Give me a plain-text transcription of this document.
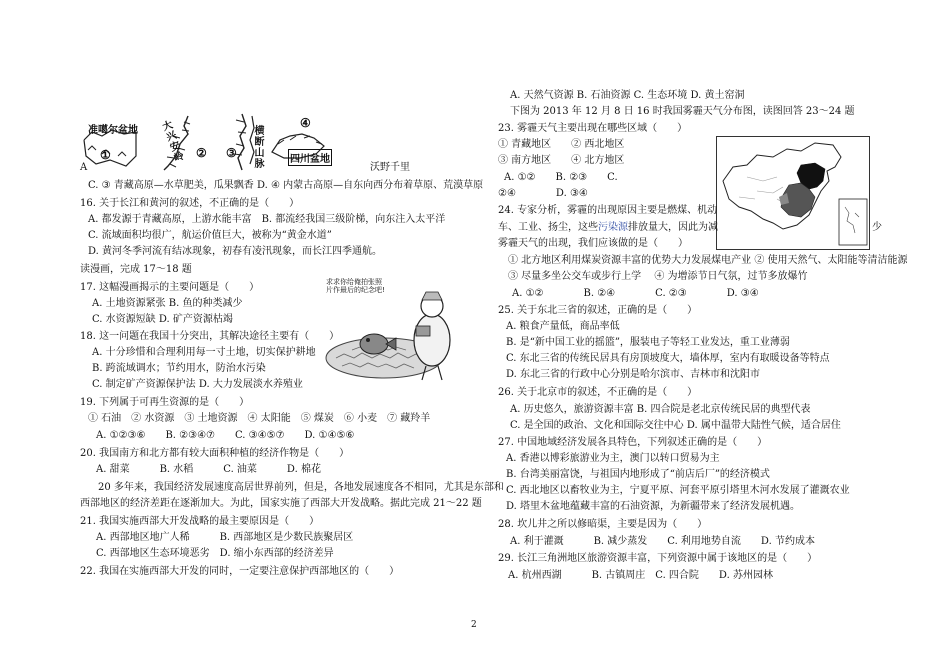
准噶尔盆地
①
大兴安岭 ② ③
横断山脉
④
四川盆地
A	沃野千里
C. ③ 青藏高原—水草肥美，瓜果飘香 D. ④ 内蒙古高原—自东向西分布着草原、荒漠草原
16. 关于长江和黄河的叙述，不正确的是（　　）
A. 都发源于青藏高原，上游水能丰富　B. 都流经我国三级阶梯，向东注入太平洋
C. 流域面积均很广，航运价值巨大，被称为“黄金水道”
D. 黄河冬季河流有结冰现象，初春有凌汛现象，而长江四季通航。
读漫画，完成 17～18 题
17. 这幅漫画揭示的主要问题是（　　）
A. 土地资源紧张 B. 鱼的种类减少
C. 水资源短缺 D. 矿产资源枯竭
18. 这一问题在我国十分突出，其解决途径主要有（　　）
A. 十分珍惜和合理利用每一寸土地，切实保护耕地
B. 跨流域调水；节约用水，防治水污染
C. 制定矿产资源保护法 D. 大力发展淡水养殖业
19. 下列属于可再生资源的是（　　）
① 石油　② 水资源　③ 土地资源　④ 太阳能　⑤ 煤炭　⑥ 小麦　⑦ 藏羚羊
A. ①②③⑥　　B. ②③④⑦　　C. ③④⑤⑦　　D. ①④⑤⑥
20. 我国南方和北方都有较大面积种植的经济作物是（　　）
A. 甜菜　　　B. 水稻　　　C. 油菜　　　D. 棉花
20 多年来，我国经济发展速度高居世界前列，但是，各地发展速度各不相同，尤其是东部和
西部地区的经济差距在逐渐加大。为此，国家实施了西部大开发战略。据此完成 21～22 题
21. 我国实施西部大开发战略的最主要原因是（　　）
A. 西部地区地广人稀　　　B. 西部地区是少数民族聚居区
C. 西部地区生态环境恶劣　D. 缩小东西部的经济差异
22. 我国在实施西部大开发的同时，一定要注意保护西部地区的（　　）
求求你给俺拍张照片作最后的纪念吧!
A. 天然气资源 B. 石油资源 C. 生态环境 D. 黄土窑洞
下图为 2013 年 12 月 8 日 16 时我国雾霾天气分布图，读图回答 23～24 题
23. 雾霾天气主要出现在哪些区域（　　）
① 青藏地区　　② 西北地区
③ 南方地区　　④ 北方地区
A. ①②　　B. ②③　　C.
②④　　　　D. ③④
24. 专家分析，雾霾的出现原因主要是燃煤、机动
车、工业、扬尘，这些污染源排放量大，因此为减	少
雾霾天气的出现，我们应该做的是（　　）
① 北方地区利用煤炭资源丰富的优势大力发展煤电产业 ② 使用天然气、太阳能等清洁能源
③ 尽量多坐公交车或步行上学　 ④ 为增添节日气氛，过节多放爆竹
A. ①②　　　　B. ②④　　　　C. ②③　　　　D. ③④
25. 关于东北三省的叙述，正确的是（　　）
A. 粮食产量低，商品率低
B. 是“新中国工业的摇篮”，服装电子等轻工业发达，重工业薄弱
C. 东北三省的传统民居具有房顶坡度大，墙体厚，室内有取暖设备等特点
D. 东北三省的行政中心分别是哈尔滨市、吉林市和沈阳市
26. 关于北京市的叙述，不正确的是（　　）
A. 历史悠久，旅游资源丰富 B. 四合院是老北京传统民居的典型代表
C. 是全国的政治、文化和国际交往中心 D. 属中温带大陆性气候，适合居住
27. 中国地域经济发展各具特色，下列叙述正确的是（　　）
A. 香港以博彩旅游业为主，澳门以转口贸易为主
B. 台湾美丽富饶，与祖国内地形成了“前店后厂”的经济模式
C. 西北地区以畜牧业为主，宁夏平原、河套平原引塔里木河水发展了灌溉农业
D. 塔里木盆地蕴藏丰富的石油资源，为新疆带来了经济发展机遇。
28. 坎儿井之所以修暗渠，主要是因为（　　）
A. 利于灌溉　　　B. 减少蒸发　　C. 利用地势自流　　D. 节约成本
29. 长江三角洲地区旅游资源丰富，下列资源中属于该地区的是（　　）
A. 杭州西湖　　　B. 古镇周庄　C. 四合院　　D. 苏州园林
2
